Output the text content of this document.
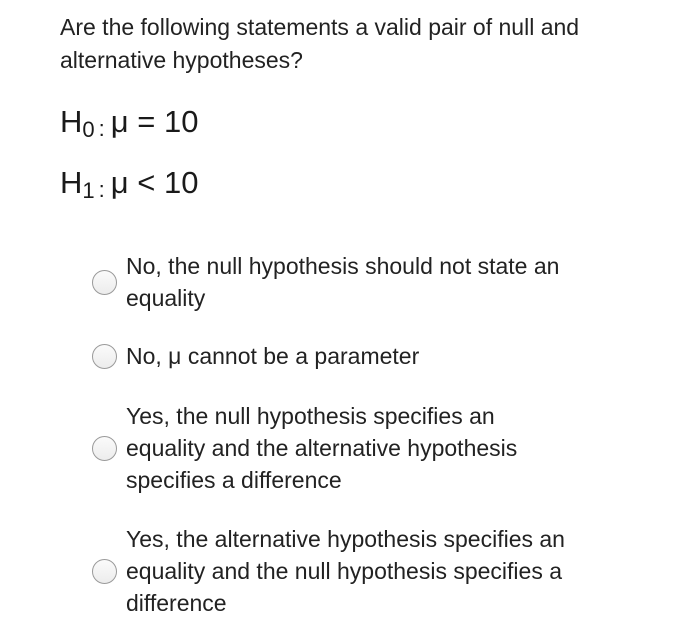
Are the following statements a valid pair of null and alternative hypotheses?
H0 : μ = 10
H1 : μ < 10
No, the null hypothesis should not state an equality
No, μ cannot be a parameter
Yes, the null hypothesis specifies an equality and the alternative hypothesis specifies a difference
Yes, the alternative hypothesis specifies an equality and the null hypothesis specifies a difference
